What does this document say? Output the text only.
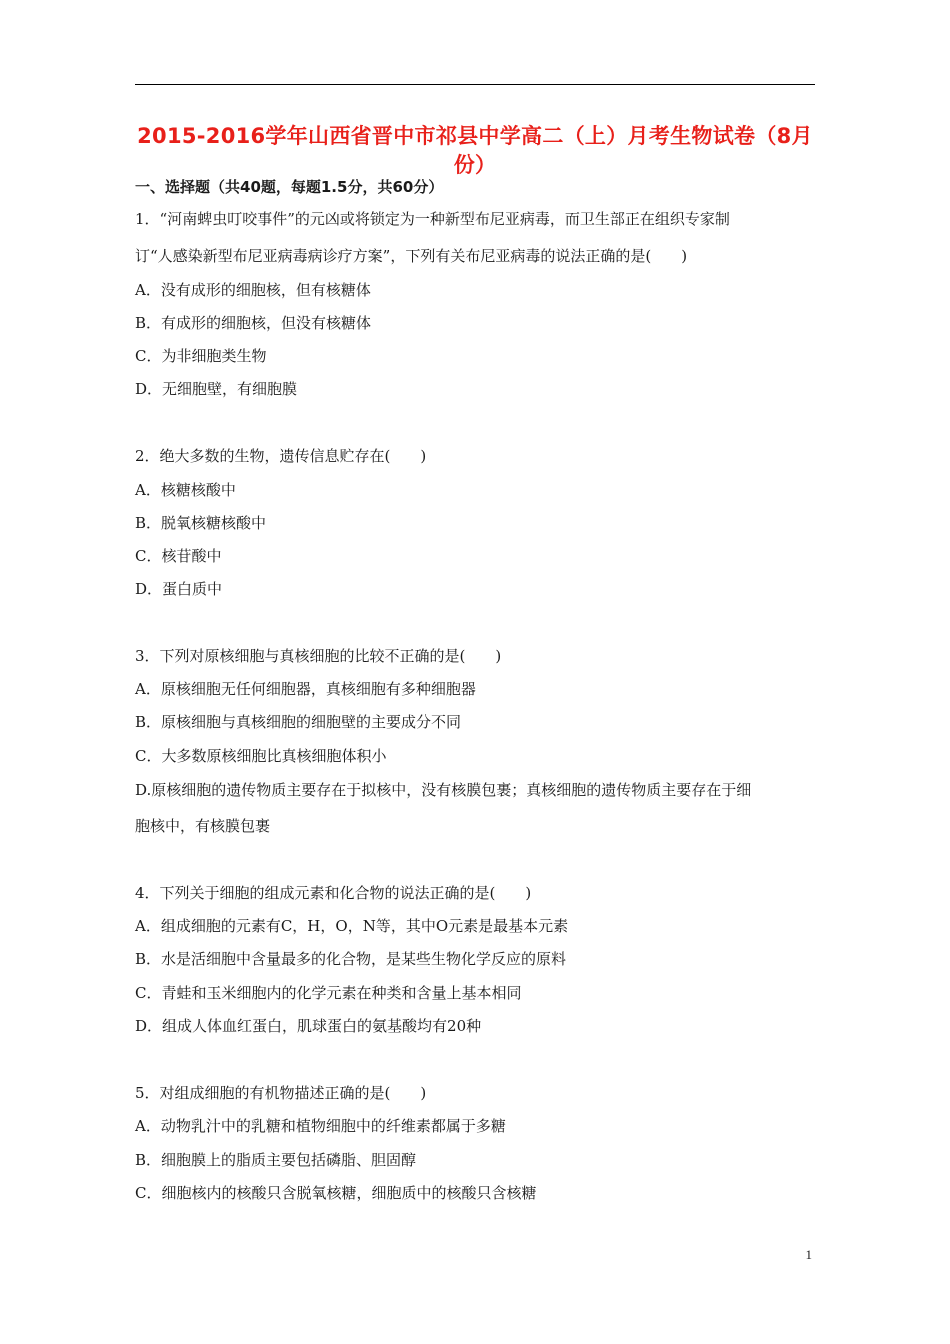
2015-2016学年山西省晋中市祁县中学高二（上）月考生物试卷（8月份）
一、选择题（共40题，每题1.5分，共60分）
1．“河南蜱虫叮咬事件”的元凶或将锁定为一种新型布尼亚病毒，而卫生部正在组织专家制
订“人感染新型布尼亚病毒病诊疗方案”，下列有关布尼亚病毒的说法正确的是(　　)
A．没有成形的细胞核，但有核糖体
B．有成形的细胞核，但没有核糖体
C．为非细胞类生物
D．无细胞壁，有细胞膜
2．绝大多数的生物，遗传信息贮存在(　　)
A．核糖核酸中
B．脱氧核糖核酸中
C．核苷酸中
D．蛋白质中
3．下列对原核细胞与真核细胞的比较不正确的是(　　)
A．原核细胞无任何细胞器，真核细胞有多种细胞器
B．原核细胞与真核细胞的细胞壁的主要成分不同
C．大多数原核细胞比真核细胞体积小
D.原核细胞的遗传物质主要存在于拟核中，没有核膜包裹；真核细胞的遗传物质主要存在于细
胞核中，有核膜包裹
4．下列关于细胞的组成元素和化合物的说法正确的是(　　)
A．组成细胞的元素有C，H，O，N等，其中O元素是最基本元素
B．水是活细胞中含量最多的化合物，是某些生物化学反应的原料
C．青蛙和玉米细胞内的化学元素在种类和含量上基本相同
D．组成人体血红蛋白，肌球蛋白的氨基酸均有20种
5．对组成细胞的有机物描述正确的是(　　)
A．动物乳汁中的乳糖和植物细胞中的纤维素都属于多糖
B．细胞膜上的脂质主要包括磷脂、胆固醇
C．细胞核内的核酸只含脱氧核糖，细胞质中的核酸只含核糖
1
